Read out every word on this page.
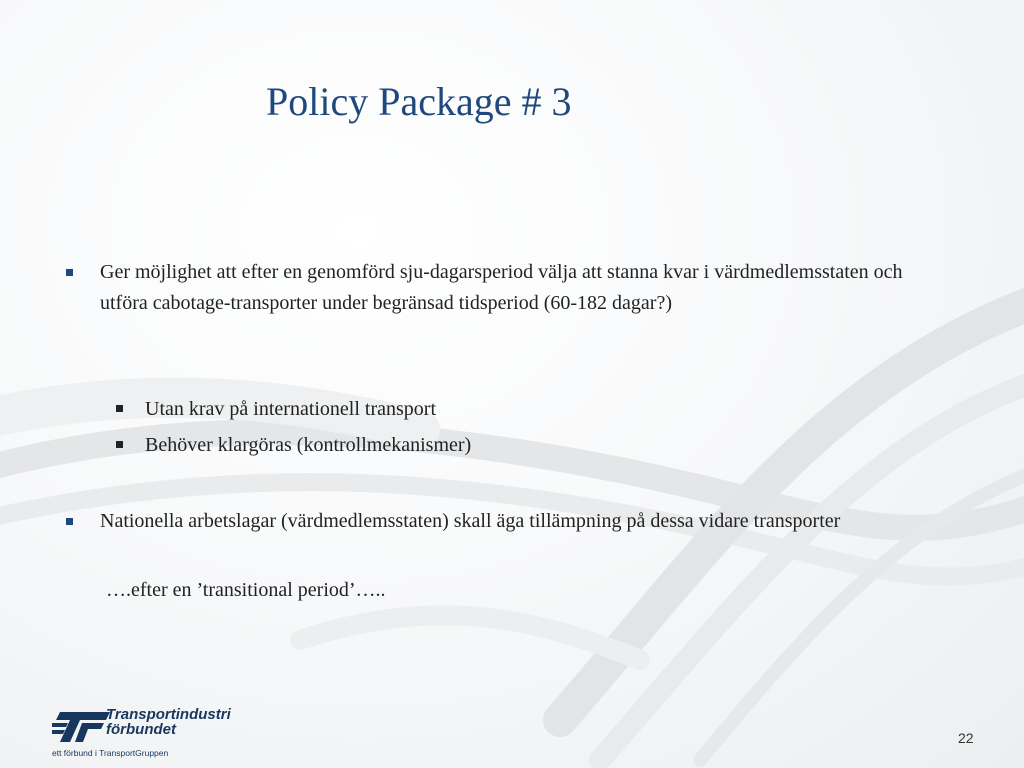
Policy Package # 3
Ger möjlighet att efter en genomförd sju-dagarsperiod välja att stanna kvar i värdmedlemsstaten och utföra cabotage-transporter under begränsad tidsperiod (60-182 dagar?)
Utan krav på internationell transport
Behöver klargöras (kontrollmekanismer)
Nationella arbetslagar (värdmedlemsstaten) skall äga tillämpning på dessa vidare transporter
….efter en ’transitional period’…..
Transportindustri
förbundet
ett förbund i TransportGruppen
22
